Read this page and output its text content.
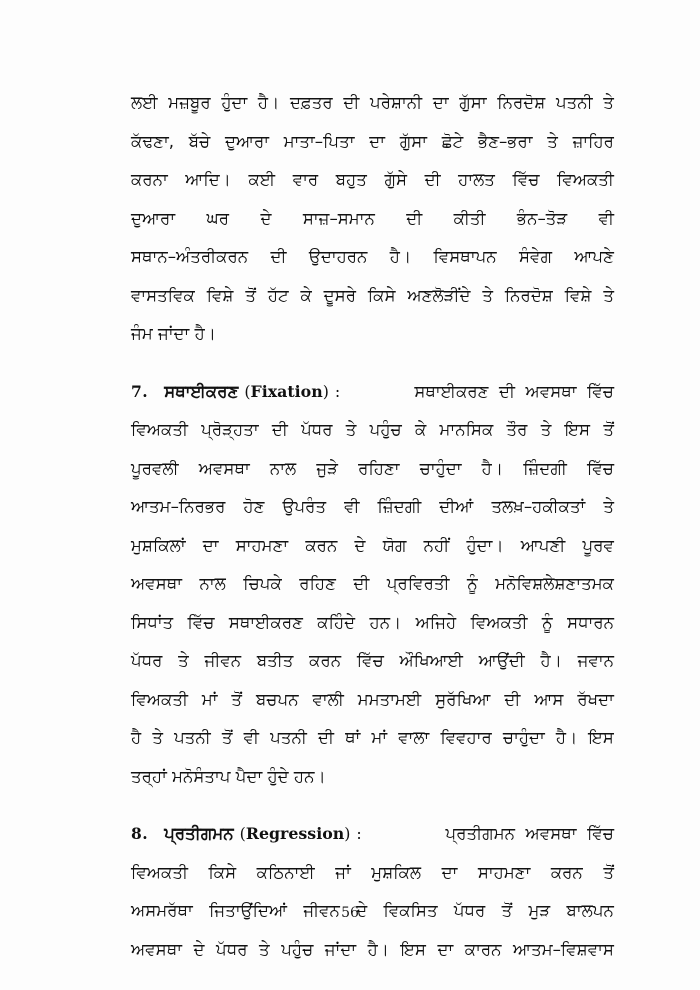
ਲਈ ਮਜ਼ਬੂਰ ਹੁੰਦਾ ਹੈ। ਦਫ਼ਤਰ ਦੀ ਪਰੇਸ਼ਾਨੀ ਦਾ ਗੁੱਸਾ ਨਿਰਦੋਸ਼ ਪਤਨੀ ਤੇ
ਕੱਢਣਾ, ਬੱਚੇ ਦੁਆਰਾ ਮਾਤਾ–ਪਿਤਾ ਦਾ ਗੁੱਸਾ ਛੋਟੇ ਭੈਣ–ਭਰਾ ਤੇ ਜ਼ਾਹਿਰ
ਕਰਨਾ ਆਦਿ। ਕਈ ਵਾਰ ਬਹੁਤ ਗੁੱਸੇ ਦੀ ਹਾਲਤ ਵਿੱਚ ਵਿਅਕਤੀ
ਦੁਆਰਾ ਘਰ ਦੇ ਸਾਜ਼–ਸਮਾਨ ਦੀ ਕੀਤੀ ਭੰਨ–ਤੋੜ ਵੀ
ਸਥਾਨ–ਅੰਤਰੀਕਰਨ ਦੀ ਉਦਾਹਰਨ ਹੈ। ਵਿਸਥਾਪਨ ਸੰਵੇਗ ਆਪਣੇ
ਵਾਸਤਵਿਕ ਵਿਸ਼ੇ ਤੋਂ ਹੱਟ ਕੇ ਦੂਸਰੇ ਕਿਸੇ ਅਣਲੋੜੀਂਦੇ ਤੇ ਨਿਰਦੋਸ਼ ਵਿਸ਼ੇ ਤੇ
ਜੰਮ ਜਾਂਦਾ ਹੈ।
7. ਸਥਾਈਕਰਣ (Fixation) :	ਸਥਾਈਕਰਣ  ਦੀ  ਅਵਸਥਾ  ਵਿੱਚ
ਵਿਅਕਤੀ ਪ੍ਰੋੜ੍ਹਤਾ ਦੀ ਪੱਧਰ ਤੇ ਪਹੁੰਚ ਕੇ ਮਾਨਸਿਕ ਤੌਰ ਤੇ ਇਸ ਤੋਂ
ਪੂਰਵਲੀ ਅਵਸਥਾ ਨਾਲ ਜੁੜੇ ਰਹਿਣਾ ਚਾਹੁੰਦਾ ਹੈ। ਜ਼ਿੰਦਗੀ ਵਿੱਚ
ਆਤਮ–ਨਿਰਭਰ ਹੋਣ ਉਪਰੰਤ ਵੀ ਜ਼ਿੰਦਗੀ ਦੀਆਂ ਤਲਖ਼–ਹਕੀਕਤਾਂ ਤੇ
ਮੁਸ਼ਕਿਲਾਂ ਦਾ ਸਾਹਮਣਾ ਕਰਨ ਦੇ ਯੋਗ ਨਹੀਂ ਹੁੰਦਾ। ਆਪਣੀ ਪੂਰਵ
ਅਵਸਥਾ ਨਾਲ ਚਿਪਕੇ ਰਹਿਣ ਦੀ ਪ੍ਰਵਿਰਤੀ ਨੂੰ ਮਨੋਵਿਸ਼ਲੇਸ਼ਣਾਤਮਕ
ਸਿਧਾਂਤ ਵਿੱਚ ਸਥਾਈਕਰਣ ਕਹਿੰਦੇ ਹਨ। ਅਜਿਹੇ ਵਿਅਕਤੀ ਨੂੰ ਸਧਾਰਨ
ਪੱਧਰ ਤੇ ਜੀਵਨ ਬਤੀਤ ਕਰਨ ਵਿੱਚ ਔਖਿਆਈ ਆਉਂਦੀ ਹੈ। ਜਵਾਨ
ਵਿਅਕਤੀ ਮਾਂ ਤੋਂ ਬਚਪਨ ਵਾਲੀ ਮਮਤਾਮਈ ਸੁਰੱਖਿਆ ਦੀ ਆਸ ਰੱਖਦਾ
ਹੈ ਤੇ ਪਤਨੀ ਤੋਂ ਵੀ ਪਤਨੀ ਦੀ ਥਾਂ ਮਾਂ ਵਾਲਾ ਵਿਵਹਾਰ ਚਾਹੁੰਦਾ ਹੈ। ਇਸ
ਤਰ੍ਹਾਂ ਮਨੋਸੰਤਾਪ ਪੈਦਾ ਹੁੰਦੇ ਹਨ।
8. ਪ੍ਰਤੀਗਮਨ (Regression) :	ਪ੍ਰਤੀਗਮਨ  ਅਵਸਥਾ  ਵਿੱਚ
ਵਿਅਕਤੀ ਕਿਸੇ ਕਠਿਨਾਈ ਜਾਂ ਮੁਸ਼ਕਿਲ ਦਾ ਸਾਹਮਣਾ ਕਰਨ ਤੋਂ
ਅਸਮਰੱਥਾ ਜਿਤਾਉਂਦਿਆਂ ਜੀਵਨ ਦੇ ਵਿਕਸਿਤ ਪੱਧਰ ਤੋਂ ਮੁੜ ਬਾਲਪਨ
ਅਵਸਥਾ ਦੇ ਪੱਧਰ ਤੇ ਪਹੁੰਚ ਜਾਂਦਾ ਹੈ। ਇਸ ਦਾ ਕਾਰਨ ਆਤਮ–ਵਿਸ਼ਵਾਸ
56
